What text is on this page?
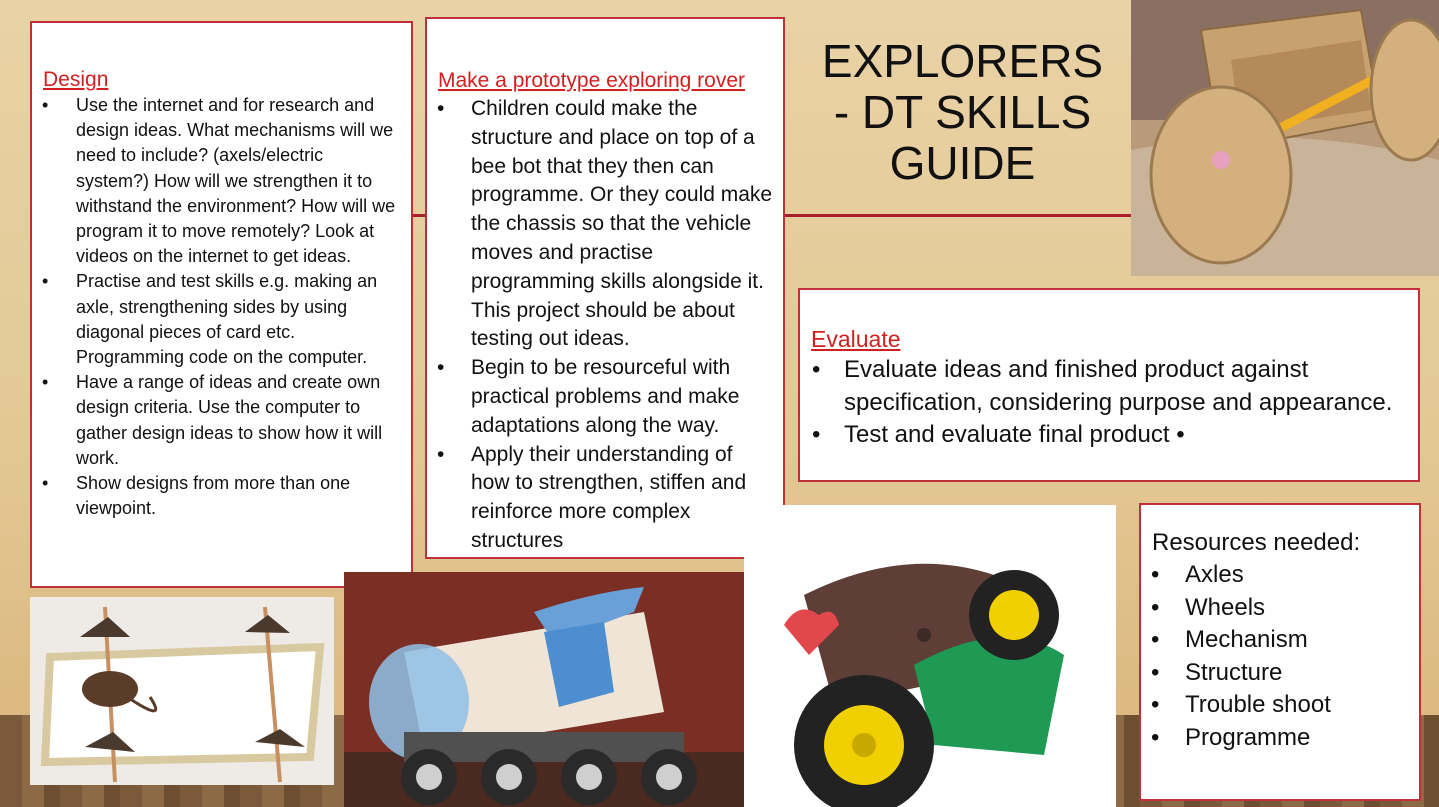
Design
• Use the internet and for research and design ideas. What mechanisms will we need to include? (axels/electric system?) How will we strengthen it to withstand the environment? How will we program it to move remotely? Look at videos on the internet to get ideas.
• Practise and test skills e.g. making an axle, strengthening sides by using diagonal pieces of card etc. Programming code on the computer.
• Have a range of ideas and create own design criteria. Use the computer to gather design ideas to show how it will work.
• Show designs from more than one viewpoint.
Make a prototype exploring rover
• Children could make the structure and place on top of a bee bot that they then can programme. Or they could make the chassis so that the vehicle moves and practise programming skills alongside it. This project should be about testing out ideas.
• Begin to be resourceful with practical problems and make adaptations along the way.
• Apply their understanding of how to strengthen, stiffen and reinforce more complex structures
EXPLORERS - DT SKILLS GUIDE
Evaluate
• Evaluate ideas and finished product against specification, considering purpose and appearance.
• Test and evaluate final product •
Resources needed:
• Axles
• Wheels
• Mechanism
• Structure
• Trouble shoot
• Programme
